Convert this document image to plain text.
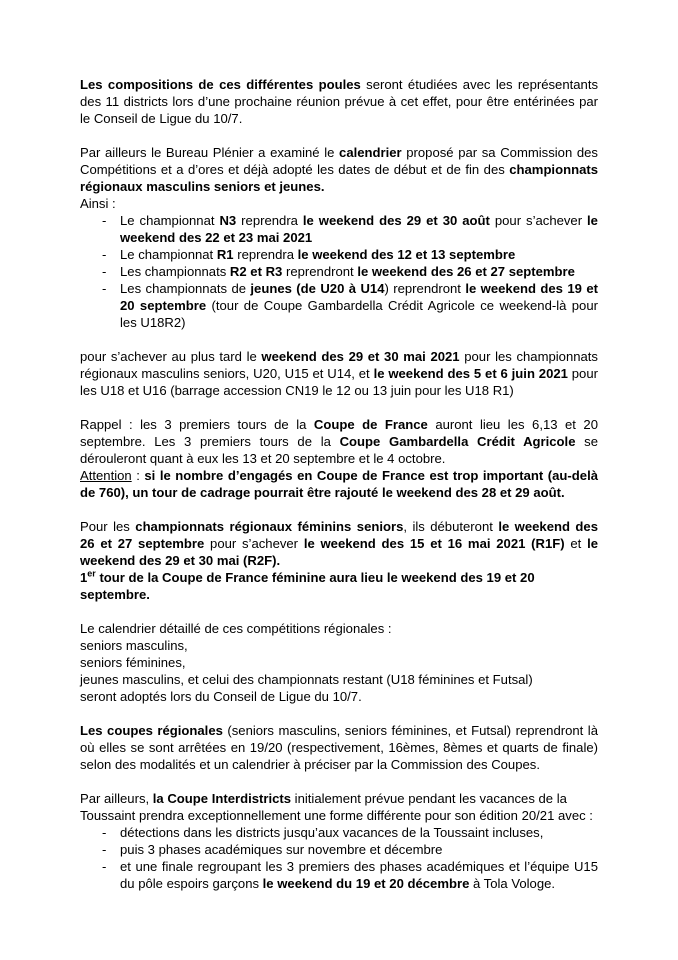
Les compositions de ces différentes poules seront étudiées avec les représentants des 11 districts lors d’une prochaine réunion prévue à cet effet, pour être entérinées par le Conseil de Ligue du 10/7.

Par ailleurs le Bureau Plénier a examiné le calendrier proposé par sa Commission des Compétitions et a d’ores et déjà adopté les dates de début et de fin des championnats régionaux masculins seniors et jeunes.

Ainsi :

- Le championnat N3 reprendra le weekend des 29 et 30 août pour s’achever le weekend des 22 et 23 mai 2021
- Le championnat R1 reprendra le weekend des 12 et 13 septembre
- Les championnats R2 et R3 reprendront le weekend des 26 et 27 septembre
- Les championnats de jeunes (de U20 à U14) reprendront le weekend des 19 et 20 septembre (tour de Coupe Gambardella Crédit Agricole ce weekend-là pour les U18R2)

pour s’achever au plus tard le weekend des 29 et 30 mai 2021 pour les championnats régionaux masculins seniors, U20, U15 et U14, et le weekend des 5 et 6 juin 2021 pour les U18 et U16 (barrage accession CN19 le 12 ou 13 juin pour les U18 R1)

Rappel : les 3 premiers tours de la Coupe de France auront lieu les 6,13 et 20 septembre. Les 3 premiers tours de la Coupe Gambardella Crédit Agricole se dérouleront quant à eux les 13 et 20 septembre et le 4 octobre.

Attention : si le nombre d’engagés en Coupe de France est trop important (au-delà de 760), un tour de cadrage pourrait être rajouté le weekend des 28 et 29 août.

Pour les championnats régionaux féminins seniors, ils débuteront le weekend des 26 et 27 septembre pour s’achever le weekend des 15 et 16 mai 2021 (R1F) et le weekend des 29 et 30 mai (R2F).

1er tour de la Coupe de France féminine aura lieu le weekend des 19 et 20 septembre.

Le calendrier détaillé de ces compétitions régionales :

seniors masculins,

seniors féminines,

jeunes masculins, et celui des championnats restant (U18 féminines et Futsal) seront adoptés lors du Conseil de Ligue du 10/7.

Les coupes régionales (seniors masculins, seniors féminines, et Futsal) reprendront là où elles se sont arrêtées en 19/20 (respectivement, 16èmes, 8èmes et quarts de finale) selon des modalités et un calendrier à préciser par la Commission des Coupes.

Par ailleurs, la Coupe Interdistricts initialement prévue pendant les vacances de la Toussaint prendra exceptionnellement une forme différente pour son édition 20/21 avec :

- détections dans les districts jusqu’aux vacances de la Toussaint incluses,
- puis 3 phases académiques sur novembre et décembre
- et une finale regroupant les 3 premiers des phases académiques et l’équipe U15 du pôle espoirs garçons le weekend du 19 et 20 décembre à Tola Vologe.
